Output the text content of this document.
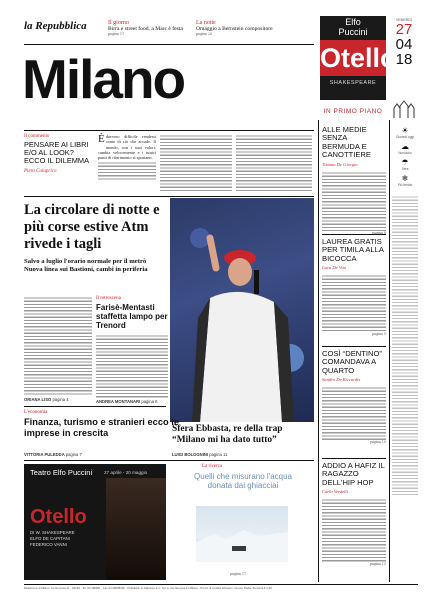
la Repubblica	Il giorno
Birra e street food, a Marc è festa
pagina 17
La notte
Omaggio a Bernstein compositore
pagina 20
Milano
Elfo
Puccini
Otello
SHAKESPEARE
VENERDÌ
27
04
18
IN PRIMO PIANO
Il commento
PENSARE AI LIBRI E/O AL LOOK? ECCO IL DILEMMA
Piero Colaprico
Èdavvero difficile rendersi conto di ciò che accade. Il mondo, con i suoi valori, cambia velocemente e i nostri punti di riferimento si spostano.
La circolare di notte e più corse estive Atm rivede i tagli
Salvo a luglio l'orario normale per il metrò Nuova linea sui Bastioni, cambi in periferia
ORIANA LISO pagina 4
Il retroscena
Farisè-Mentasti staffetta lampo per Trenord
ANDREA MONTANARI pagina 6
Sfera Ebbasta, re della trap “Milano mi ha dato tutto”
LUIGI BOLOGNINI pagina 11
L'economia
Finanza, turismo e stranieri ecco le imprese in crescita
VITTORIA PULEDDA pagina 7
Teatro Elfo Puccini	27 aprile - 20 maggio
Otello
DI W. SHAKESPEARE
ELFO DE CAPITANI
FEDERICO VANNI
La ricerca
Quelli che misurano l'acqua donata dai ghiacciai
pagina 17
ALLE MEDIE SENZA BERMUDA E CANOTTIERE
Tiziana De Giorgio
pagina 8
LAUREA GRATIS PER TIMILA ALLA BICOCCA
Luca De Vito
pagina 9
COSÌ “DENTINO” COMANDAVA A QUARTO
Sandro De Riccardis
pagina 10
ADDIO A HAFIZ IL RAGAZZO DELL'HIP HOP
Carlo Verdelli
pagina 15
☀
Giovedì oggi
☁
Nuvoloso
☂
Sera
❄
Più freddo
Redazione di Milano: via Nervesa 21 - 20139 - Tel. 02.480981 - Fax 02.48098236 - Pubblicità: A. Manzoni & C. S.p.A. via Nervesa 21 Milano - Prezzi di vendita all'estero: Grecia, Malta, Slovenia € 2,00
